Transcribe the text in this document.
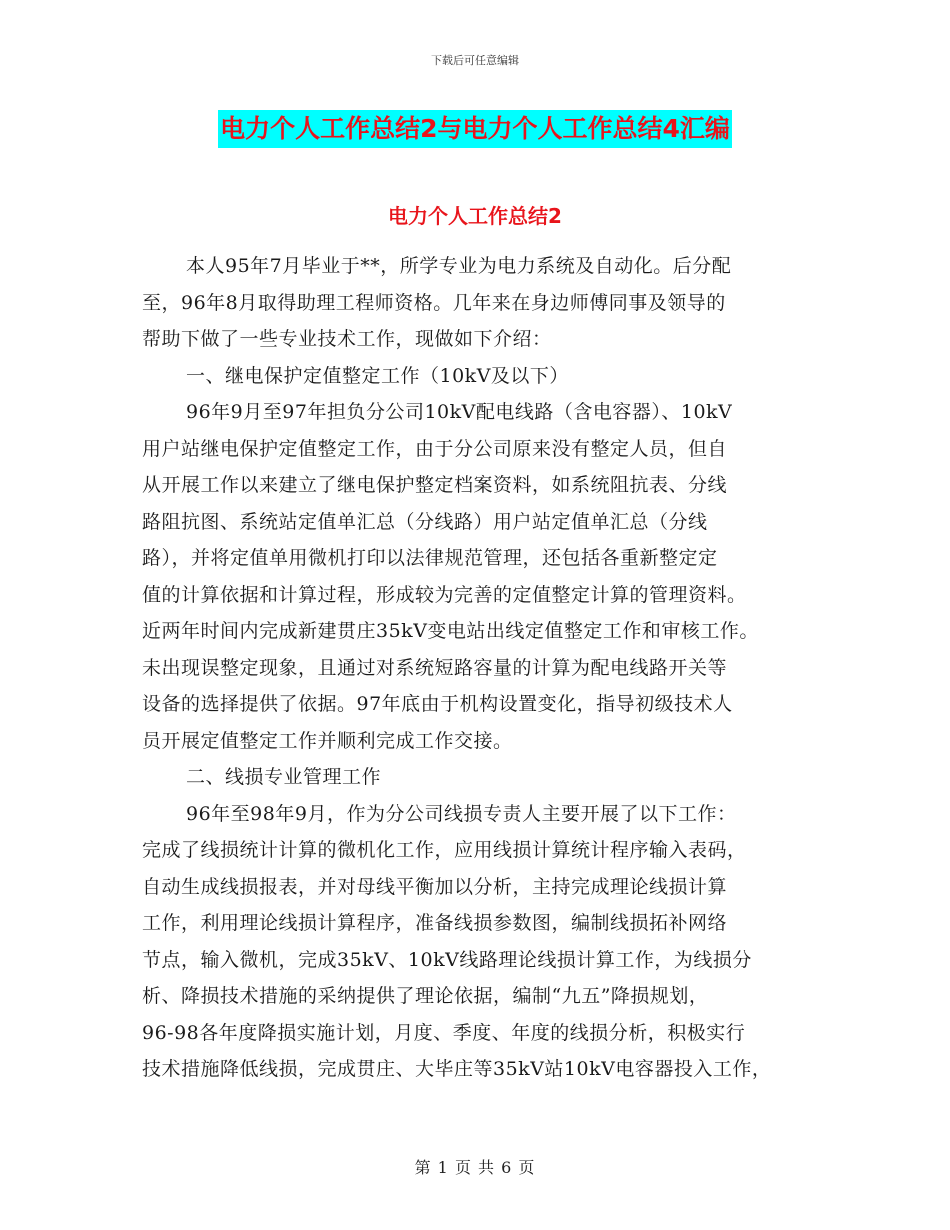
下载后可任意编辑
电力个人工作总结2与电力个人工作总结4汇编
电力个人工作总结2
本人95年7月毕业于**，所学专业为电力系统及自动化。后分配
至，96年8月取得助理工程师资格。几年来在身边师傅同事及领导的
帮助下做了一些专业技术工作，现做如下介绍：
一、继电保护定值整定工作（10kV及以下）
96年9月至97年担负分公司10kV配电线路（含电容器）、10kV
用户站继电保护定值整定工作，由于分公司原来没有整定人员，但自
从开展工作以来建立了继电保护整定档案资料，如系统阻抗表、分线
路阻抗图、系统站定值单汇总（分线路）用户站定值单汇总（分线
路），并将定值单用微机打印以法律规范管理，还包括各重新整定定
值的计算依据和计算过程，形成较为完善的定值整定计算的管理资料。
近两年时间内完成新建贯庄35kV变电站出线定值整定工作和审核工作。
未出现误整定现象，且通过对系统短路容量的计算为配电线路开关等
设备的选择提供了依据。97年底由于机构设置变化，指导初级技术人
员开展定值整定工作并顺利完成工作交接。
二、线损专业管理工作
96年至98年9月，作为分公司线损专责人主要开展了以下工作：
完成了线损统计计算的微机化工作，应用线损计算统计程序输入表码，
自动生成线损报表，并对母线平衡加以分析，主持完成理论线损计算
工作，利用理论线损计算程序，准备线损参数图，编制线损拓补网络
节点，输入微机，完成35kV、10kV线路理论线损计算工作，为线损分
析、降损技术措施的采纳提供了理论依据，编制“九五”降损规划，
96-98各年度降损实施计划，月度、季度、年度的线损分析，积极实行
技术措施降低线损，完成贯庄、大毕庄等35kV站10kV电容器投入工作，
第 1 页 共 6 页
